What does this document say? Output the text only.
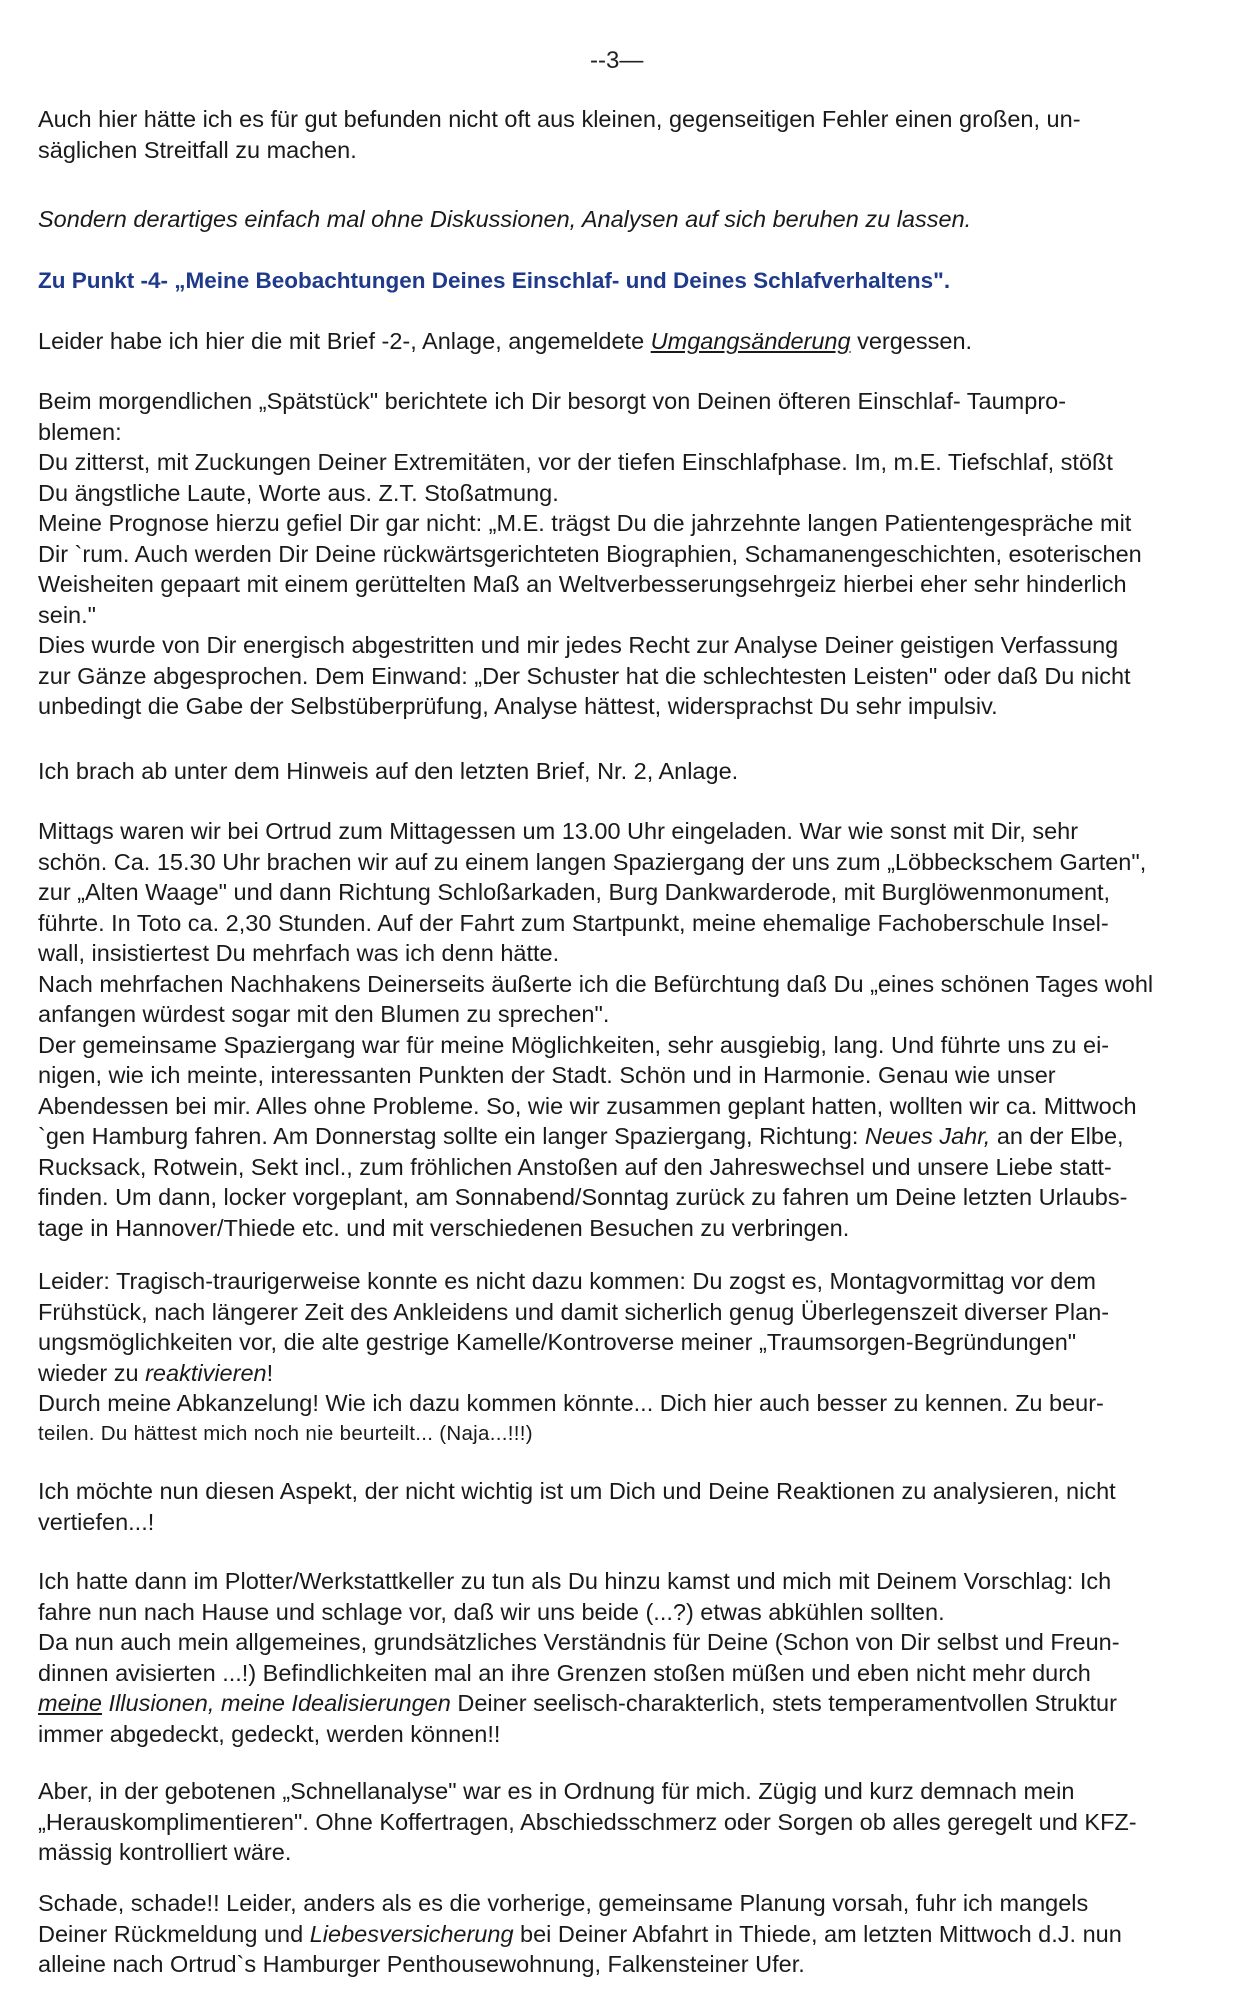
--3—
Auch hier hätte ich es für gut befunden nicht oft aus kleinen, gegenseitigen Fehler einen großen, un-
säglichen Streitfall zu machen.
Sondern derartiges einfach mal ohne Diskussionen, Analysen auf sich beruhen zu lassen.
Zu Punkt -4- „Meine Beobachtungen Deines Einschlaf- und Deines Schlafverhaltens".
Leider habe ich hier die mit Brief -2-, Anlage, angemeldete Umgangsänderung vergessen.
Beim morgendlichen „Spätstück" berichtete ich Dir besorgt von Deinen öfteren Einschlaf- Taumpro-
blemen:
Du zitterst, mit Zuckungen Deiner Extremitäten, vor der tiefen Einschlafphase. Im, m.E. Tiefschlaf, stößt
Du ängstliche Laute, Worte aus. Z.T. Stoßatmung.
Meine Prognose hierzu gefiel Dir gar nicht: „M.E. trägst Du die jahrzehnte langen Patientengespräche mit
Dir `rum. Auch werden Dir Deine rückwärtsgerichteten Biographien, Schamanengeschichten, esoterischen
Weisheiten gepaart mit einem gerüttelten Maß an Weltverbesserungsehrgeiz hierbei eher sehr hinderlich
sein."
Dies wurde von Dir energisch abgestritten und mir jedes Recht zur Analyse Deiner geistigen Verfassung
zur Gänze abgesprochen. Dem Einwand: „Der Schuster hat die schlechtesten Leisten" oder daß Du nicht
unbedingt die Gabe der Selbstüberprüfung, Analyse hättest, widersprachst Du sehr impulsiv.
Ich brach ab unter dem Hinweis auf den letzten Brief, Nr. 2, Anlage.
Mittags waren wir bei Ortrud zum Mittagessen um 13.00 Uhr eingeladen. War wie sonst mit Dir, sehr
schön. Ca. 15.30 Uhr brachen wir auf zu einem langen Spaziergang der uns zum „Löbbeckschem Garten",
zur „Alten Waage" und dann Richtung Schloßarkaden, Burg Dankwarderode, mit Burglöwenmonument,
führte. In Toto ca. 2,30 Stunden. Auf der Fahrt zum Startpunkt, meine ehemalige Fachoberschule Insel-
wall, insistiertest Du mehrfach was ich denn hätte.
Nach mehrfachen Nachhakens Deinerseits äußerte ich die Befürchtung daß Du „eines schönen Tages wohl
anfangen würdest sogar mit den Blumen zu sprechen".
Der gemeinsame Spaziergang war für meine Möglichkeiten, sehr ausgiebig, lang. Und führte uns zu ei-
nigen, wie ich meinte, interessanten Punkten der Stadt. Schön und in Harmonie. Genau wie unser
Abendessen bei mir. Alles ohne Probleme. So, wie wir zusammen geplant hatten, wollten wir ca. Mittwoch
`gen Hamburg fahren. Am Donnerstag sollte ein langer Spaziergang, Richtung: Neues Jahr, an der Elbe,
Rucksack, Rotwein, Sekt incl., zum fröhlichen Anstoßen auf den Jahreswechsel und unsere Liebe statt-
finden. Um dann, locker vorgeplant, am Sonnabend/Sonntag zurück zu fahren um Deine letzten Urlaubs-
tage in Hannover/Thiede etc. und mit verschiedenen Besuchen zu verbringen.
Leider: Tragisch-traurigerweise konnte es nicht dazu kommen: Du zogst es, Montagvormittag vor dem
Frühstück, nach längerer Zeit des Ankleidens und damit sicherlich genug Überlegenszeit diverser Plan-
ungsmöglichkeiten vor, die alte gestrige Kamelle/Kontroverse meiner „Traumsorgen-Begründungen"
wieder zu reaktivieren!
Durch meine Abkanzelung! Wie ich dazu kommen könnte... Dich hier auch besser zu kennen. Zu beur-
teilen. Du hättest mich noch nie beurteilt... (Naja...!!!)
Ich möchte nun diesen Aspekt, der nicht wichtig ist um Dich und Deine Reaktionen zu analysieren, nicht
vertiefen...!
Ich hatte dann im Plotter/Werkstattkeller zu tun als Du hinzu kamst und mich mit Deinem Vorschlag: Ich
fahre nun nach Hause und schlage vor, daß wir uns beide (...?) etwas abkühlen sollten.
Da nun auch mein allgemeines, grundsätzliches Verständnis für Deine (Schon von Dir selbst und Freun-
dinnen avisierten ...!) Befindlichkeiten mal an ihre Grenzen stoßen müßen und eben nicht mehr durch
meine Illusionen, meine Idealisierungen Deiner seelisch-charakterlich, stets temperamentvollen Struktur
immer abgedeckt, gedeckt, werden können!!
Aber, in der gebotenen „Schnellanalyse" war es in Ordnung für mich. Zügig und kurz demnach mein
„Herauskomplimentieren". Ohne Koffertragen, Abschiedsschmerz oder Sorgen ob alles geregelt und KFZ-
mässig kontrolliert wäre.
Schade, schade!! Leider, anders als es die vorherige, gemeinsame Planung vorsah, fuhr ich mangels
Deiner Rückmeldung und Liebesversicherung bei Deiner Abfahrt in Thiede, am letzten Mittwoch d.J. nun
alleine nach Ortrud`s Hamburger Penthousewohnung, Falkensteiner Ufer.
